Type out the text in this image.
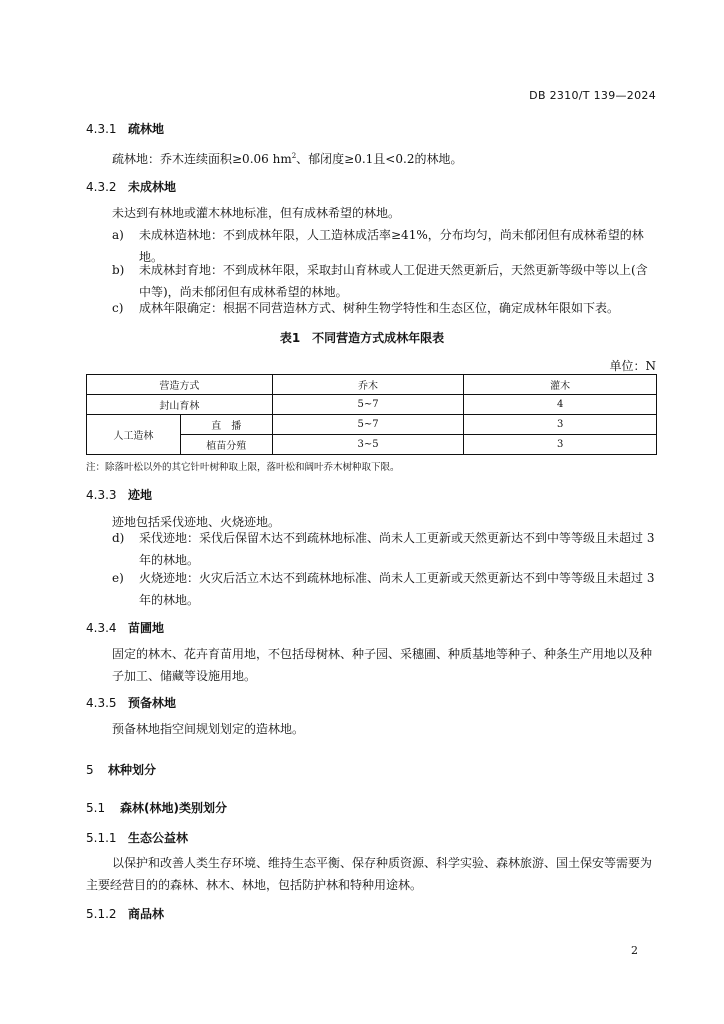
DB 2310/T 139—2024
4.3.1 疏林地
疏林地：乔木连续面积≥0.06 $hm^2$、郁闭度≥0.1且<0.2的林地。
4.3.2 未成林地
未达到有林地或灌木林地标准，但有成林希望的林地。
a) 未成林造林地：不到成林年限，人工造林成活率≥41%，分布均匀，尚未郁闭但有成林希望的林地。
b) 未成林封育地：不到成林年限，采取封山育林或人工促进天然更新后，天然更新等级中等以上(含中等)，尚未郁闭但有成林希望的林地。
c) 成林年限确定：根据不同营造林方式、树种生物学特性和生态区位，确定成林年限如下表。
表1　不同营造方式成林年限表
单位：N
营造方式		乔木	灌木
封山育林		5~7	4
人工造林	直　播	5~7	3
	植苗分殖	3~5	3
注：除落叶松以外的其它针叶树种取上限，落叶松和阔叶乔木树种取下限。
4.3.3 迹地
迹地包括采伐迹地、火烧迹地。
d) 采伐迹地：采伐后保留木达不到疏林地标准、尚未人工更新或天然更新达不到中等等级且未超过 3 年的林地。
e) 火烧迹地：火灾后活立木达不到疏林地标准、尚未人工更新或天然更新达不到中等等级且未超过 3 年的林地。
4.3.4 苗圃地
固定的林木、花卉育苗用地，不包括母树林、种子园、采穗圃、种质基地等种子、种条生产用地以及种子加工、储藏等设施用地。
4.3.5 预备林地
预备林地指空间规划划定的造林地。
5 林种划分
5.1 森林(林地)类别划分
5.1.1 生态公益林
以保护和改善人类生存环境、维持生态平衡、保存种质资源、科学实验、森林旅游、国土保安等需要为主要经营目的的森林、林木、林地，包括防护林和特种用途林。
5.1.2 商品林
2
